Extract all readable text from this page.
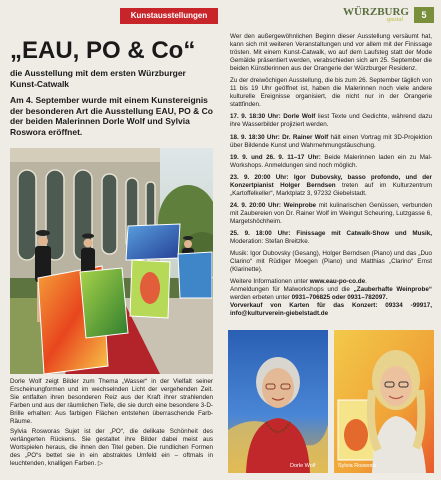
Kunstausstellungen	WÜRZBURG
spezial	5
„EAU, PO & Co“
die Ausstellung mit dem ersten Würzburger Kunst-Catwalk
Am 4. September wurde mit einem Kunstereignis der besonderen Art die Ausstellung EAU, PO & Co der beiden Malerinnen Dorle Wolf und Sylvia Roswora eröffnet.

Wer den außergewöhnlichen Beginn dieser Ausstellung versäumt hat, kann sich mit weiteren Veranstaltungen und vor allem mit der Finissage trösten. Mit einem Kunst-Catwalk, wo auf dem Laufsteg statt der Mode Gemälde präsentiert werden, verabschieden sich am 25. September die beiden Künstlerinnen aus der Orangerie der Würzburger Residenz.

Zu der dreiwöchigen Ausstellung, die bis zum 26. September täglich von 11 bis 19 Uhr geöffnet ist, haben die Malerinnen noch viele andere kulturelle Ereignisse organisiert, die nicht nur in der Orangerie stattfinden.

17. 9. 18:30 Uhr: Dorle Wolf liest Texte und Gedichte, während dazu ihre Wasserbilder projiziert werden.

18. 9. 18:30 Uhr: Dr. Rainer Wolf hält einen Vortrag mit 3D-Projektion über Bildende Kunst und Wahrnehmungstäuschung.

19. 9. und 26. 9. 11–17 Uhr: Beide Malerinnen laden ein zu Mal-Workshops. Anmeldungen sind noch möglich.

23. 9. 20:00 Uhr: Igor Dubovsky, basso profondo, und der Konzertpianist Holger Berndsen treten auf im Kulturzentrum „Kartoffelkeller“, Marktplatz 3, 97232 Giebelstadt.

24. 9. 20:00 Uhr: Weinprobe mit kulinarischen Genüssen, verbunden mit Zaubereien von Dr. Rainer Wolf im Weingut Scheuring, Lutzgasse 6, Margetshöchheim.

25. 9. 18:00 Uhr: Finissage mit Catwalk-Show und Musik, Moderation: Stefan Breitzke.

Musik: Igor Dubovsky (Gesang), Holger Berndsen (Piano) und das „Duo Clarino“ mit Rüdiger Moegen (Piano) und Matthias „Clarino“ Ernst (Klarinette).

Weitere Informationen unter www.eau-po-co.de.
Anmeldungen für Malworkshops und die „Zauberhafte Weinprobe“ werden erbeten unter 0931–706825 oder 0931–782097.
Vorverkauf von Karten für das Konzert: 09334 -99917, info@kulturverein-giebelstadt.de

Dorle Wolf zeigt Bilder zum Thema „Wasser“ in der Vielfalt seiner Erscheinungformen und im wechselnden Licht der vergehenden Zeit. Sie entfalten ihren besonderen Reiz aus der Kraft ihrer strahlenden Farben und aus der räumlichen Tiefe, die sie durch eine besondere 3-D-Brille erhalten: Aus farbigen Flächen entstehen überraschende Farb-Räume.

Sylvia Rosworas Sujet ist der „PO“, die delikate Schönheit des verlängerten Rückens. Sie gestaltet ihre Bilder dabei meist aus Wortspielen heraus, die ihnen den Titel geben. Die rundlichen Formen des „PO“s bettet sie in ein abstraktes Umfeld ein – oftmals in leuchtenden, knalligen Farben. ▷	Dorle Wolf	Sylvia Roswora
